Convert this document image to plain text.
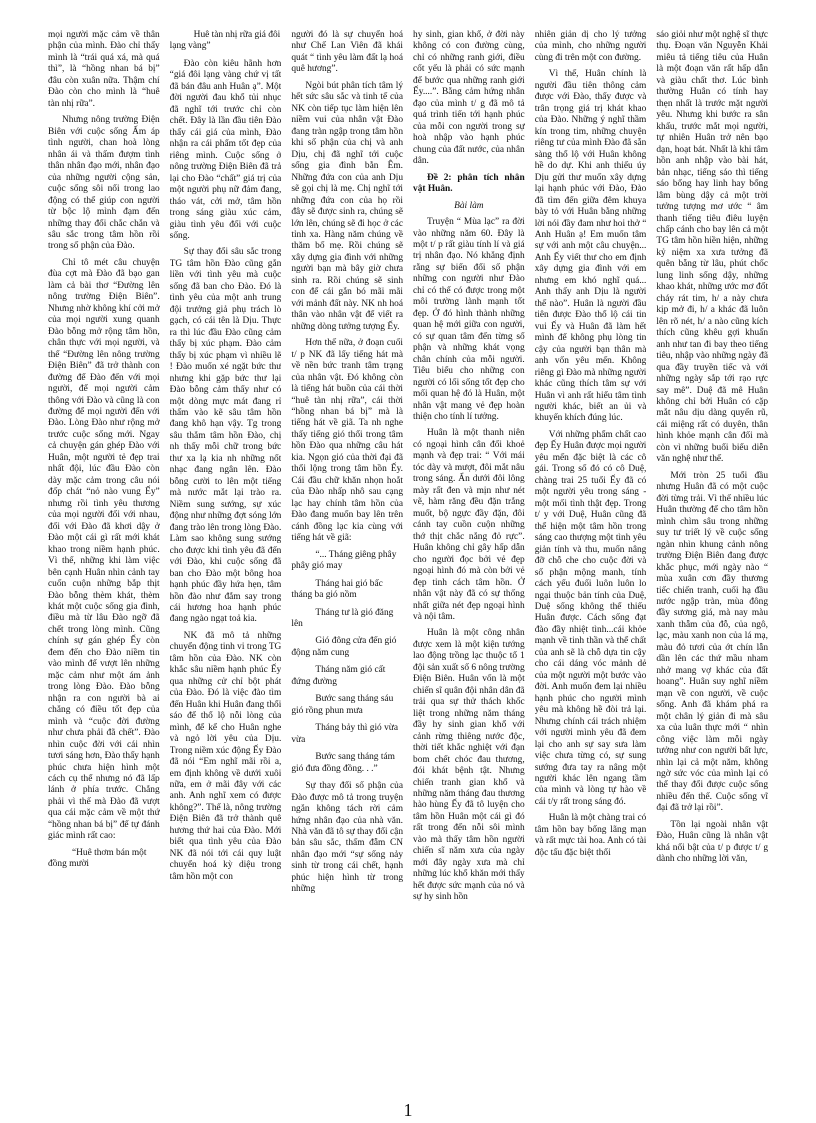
mọi người mặc cảm về thân phận của mình. Đào chỉ thấy mình là “trái quá xá, mà quá thì”, là “hồng nhan bá bị” đâu còn xuân nữa. Thậm chí Đào còn cho mình là “huê tàn nhị rữa”.

Nhưng nông trường Điện Biên với cuộc sống Ấm áp tình người, chan hoà lòng nhân ái và thấm đượm tình thân nhân đạo mới, nhân đạo của những người cộng sản, cuộc sống sôi nổi trong lao động có thể giúp con người từ bộc lộ mình đạm đến những thay đổi chắc chắn và sâu sắc trong tâm hồn rồi trong số phận của Đào.

Chỉ tô mét câu chuyện đùa cợt mà Đào đã bạo gan làm cả bài thơ “Đường lên nông trường Điện Biên”. Nhưng nhờ không khí cởi mở của mọi người xung quanh Đào bỗng mở rộng tâm hồn, chân thực với mọi người, và thế “Đường lên nông trường Điện Biên” đã trở thành con đường để Đào đến với mọi người, để mọi người cảm thông với Đào và cũng là con đường để mọi người đến với Đào. Lòng Đào như rộng mở trước cuộc sống mới. Ngay cả chuyện gán ghép Đào với Huân, một người tẻ đẹp trai nhất đội, lúc đầu Đào còn dày mặc cảm trong câu nói đốp chát “nỏ nào vung Ếy” nhưng rồi tình yêu thương của mọi người đối với nhau, đối với Đào đã khơi dậy ở Đào một cái gì rất mới khát khao trong niềm hạnh phúc. Vì thế, những khi làm việc bên cạnh Huân nhìn cảnh tay cuốn cuộn những bắp thịt Đào bỗng thèm khát, thèm khát một cuộc sống gia đình, điều mà từ lâu Đào ngỡ đã chết trong lòng mình. Cũng chính sự gán ghép Ếy còn đem đến cho Đào niềm tin vào mình để vượt lên những mặc cảm như một ám ảnh trong lòng Đào. Đào bỗng nhận ra con người bà ai chẳng có điều tốt đẹp của mình và “cuộc đời đường như chưa phải đã chết”. Đào nhìn cuộc đời với cái nhìn tươi sáng hơn, Đào thấy hạnh phúc chưa hiện hình một cách cụ thể nhưng nó đã lấp lánh ở phía trước. Chẳng phải vì thế mà Đào đã vượt qua cái mặc cảm về một thứ “hồng nhan bá bị” để tự đánh giác mình rất cao:

“Huê thơm bán một đồng mười

Huê tàn nhị rữa giá đôi lạng vàng”

Đào còn kiêu hãnh hơn “giá đôi lạng vàng chứ vị tất đã bán đâu anh Huân ạ”. Một đời người đau khổ tủi nhục đã nghĩ tới trước chỉ còn chết. Đây là lần đầu tiên Đào thấy cái giá của mình, Đào nhận ra cái phẩm tốt đẹp của riêng mình. Cuộc sống ở nông trường Điện Biên đã trả lại cho Đào “chất” giá trị của một người phụ nữ đảm đang, tháo vát, cởi mở, tâm hồn trong sáng giàu xúc cảm, giàu tình yêu đối với cuộc sống.

Sự thay đổi sâu sắc trong TG tâm hồn Đào cũng gắn liền với tình yêu mà cuộc sống đã ban cho Đào. Đó là tình yêu của một anh trung đội trưởng giả phụ trách lò gạch, có cái tên là Dịu. Thực ra thì lúc đầu Đào cũng cảm thấy bị xúc phạm. Đào cảm thấy bị xúc phạm vì nhiều lẽ ! Đào muốn xé ngặt bức thư nhưng khi gặp bức thư lại Đào bỗng cảm thấy như có một dòng mực mát đang rỉ thấm vào kẽ sâu tâm hồn đang khô hạn vậy. Tg trong sâu thẳm tâm hồn Đào, chị nh thấy mỗi chữ trong bức thư xa lạ kia nh những nốt nhạc đang ngân lên. Đào bỗng cười to lên một tiếng mà nước mắt lại trào ra. Niềm sung sướng, sự xúc động như những đợt sóng lớn đang trào lên trong lòng Đào. Làm sao không sung sướng cho được khi tình yêu đã đến với Đào, khi cuộc sống đã ban cho Đào một bông hoa hạnh phúc đầy hứa hẹn, tâm hồn đào như đắm say trong cái hương hoa hạnh phúc đang ngào ngạt toả kia.

NK đã mô tả những chuyển động tinh vi trong TG tâm hồn của Đào. NK còn khắc sâu niềm hạnh phúc Ếy qua những cử chỉ bột phát của Đào. Đó là việc đào tìm đến Huân khi Huân đang thổi sáo để thổ lộ nỗi lòng của mình, để kể cho Huân nghe và ngỏ lời yêu của Dịu. Trong niềm xúc động Ếy Đào đã nói “Em nghĩ mãi rồi a, em định không về dưới xuôi nữa, em ở mãi đây với các anh. Anh nghĩ xem có được không?”. Thế là, nông trường Điện Biên đã trở thành quê hương thứ hai của Đào. Mới biết qua tình yêu của Đào NK đã nói tới cái quy luật chuyển hoá kỳ diệu trong tâm hồn một con

người đó là sự chuyển hoá như Chế Lan Viên đã khái quát “ tình yêu làm đất lạ hoá quê hương”.

Ngòi bút phân tích tâm lý hết sức sâu sắc và tinh tế của NK còn tiếp tục làm hiện lên niềm vui của nhân vật Đào đang tràn ngập trong tâm hồn khi số phận của chị và anh Dịu, chị đã nghĩ tới cuộc sống gia đình bằn Êm. Những đứa con của anh Dịu sẽ gọi chị là mẹ. Chị nghĩ tới những đứa con của họ rồi đây sẽ được sinh ra, chúng sẽ lớn lên, chúng sẽ đi học ở các tỉnh xa. Hàng năm chúng về thăm bố mẹ. Rồi chúng sẽ xây dựng gia đình với những người bạn mà bây giờ chưa sinh ra. Rồi chúng sẽ sinh con để cái gắn bó mãi mãi với mảnh đất này. NK nh hoá thân vào nhân vật để viết ra những dòng tưởng tượng Ếy.

Hơn thế nữa, ở đoạn cuối t/ p NK đã lấy tiếng hát mà về nền bức tranh tâm trạng của nhân vật. Đó không còn là tiếng hát buồn của cái thời “huê tàn nhị rữa”, cái thời “hồng nhan bá bị” mà là tiếng hát về giã. Ta nh nghe thấy tiếng gió thổi trong tâm hồn Đào qua những câu hát kia. Ngọn gió của thời đại đã thổi lộng trong tâm hồn Ếy. Cái đầu chữ khăn nhọn hoắt của Đào nhấp nhô sau cạng lạc hay chính tâm hồn của Đào đang muốn bay lên trên cánh đồng lạc kia cùng với tiếng hát về giã:

“... Tháng giêng phây phây gió may

Tháng hai gió bấc tháng ba gió nồm

Tháng tư là gió đăng lên

Gió đông cửa đến gió động năm cung

Tháng năm gió cất đứng đường

Bước sang tháng sáu gió rồng phun mưa

Tháng bảy thì gió vừa vừa

Bước sang tháng tám gió đưa đồng đồng. . .”

Sự thay đổi số phận của Đào được mô tả trong truyện ngắn không tách rời cảm hứng nhân đạo của nhà văn. Nhà văn đã tô sự thay đổi cận bản sâu sắc, thấm đẫm CN nhân đạo mới “sự sống nảy sinh từ trong cái chết, hạnh phúc hiện hình từ trong những

hy sinh, gian khổ, ở đời này không có con đường cùng, chỉ có những ranh giới, điều cốt yếu là phải có sức mạnh để bước qua những ranh giới Ếy....”. Bằng cảm hứng nhân đạo của mình t/ g đã mô tả quá trình tiến tới hạnh phúc của mỗi con người trong sự hoà nhập vào hạnh phúc chung của đất nước, của nhân dân.

Đề 2: phân tích nhân vật Huân.

Bài làm

Truyện “ Mùa lạc” ra đời vào những năm 60. Đây là một t/ p rất giàu tính lí và giá trị nhân đạo. Nó khẳng định rằng sự biến đổi số phận những con người như Đào chỉ có thể có được trong một môi trường lành mạnh tốt đẹp. Ở đó hình thành những quan hệ mới giữa con người, có sự quan tâm đến từng số phận và những khát vọng chân chính của mỗi người. Tiêu biểu cho những con người có lối sống tốt đẹp cho mối quan hệ đó là Huân, một nhân vật mang vẻ đẹp hoàn thiện cho tính lí tưởng.

Huân là một thanh niên có ngoại hình cân đối khoẻ mạnh và đẹp trai: “ Với mái tóc dày và mượt, đôi mắt nâu trong sáng. Ẩn dưới đôi lông mày rất đen và mịn như nét vẽ, hàm răng đều đặn trắng muốt, bộ ngực đầy đặn, đôi cánh tay cuồn cuộn những thớ thịt chắc nắng đỏ rực”. Huân không chỉ gây hấp dẫn cho người đọc bởi vẻ đẹp ngoại hình đó mà còn bởi vẻ đẹp tinh cách tâm hồn. Ở nhân vật này đã có sự thống nhất giữa nét đẹp ngoại hình và nội tâm.

Huân là một công nhân được xem là một kiện tướng lao động trồng lạc thuộc tổ 1 đội sản xuất số 6 nông trường Điện Biên. Huân vốn là một chiến sĩ quân đội nhân dân đã trải qua sự thử thách khốc liệt trong những năm tháng đầy hy sinh gian khổ với cảnh rừng thiêng nước độc, thời tiết khắc nghiệt với đạn bom chết chóc đau thương, đói khát bệnh tật. Nhưng chiến tranh gian khổ và những năm tháng đau thương hào hùng Ếy đã tô luyện cho tâm hồn Huân một cái gì đó rất trong đến nỗi sôi mình vào mà thấy tâm hồn người chiến sĩ năm xưa của ngày mới đây ngày xưa mà chỉ những lúc khổ khăn mới thấy hết được sức mạnh của nó và sự hy sinh hồn

nhiên giản dị cho lý tưởng của mình, cho những người cùng đi trên một con đường.

Vì thế, Huân chính là người đầu tiên thông cảm được với Đào, thấy được và trân trọng giá trị khát khao của Đào. Những ý nghĩ thầm kín trong tim, những chuyện riêng tư của mình Đào đã sẵn sàng thổ lộ với Huân không hề do dự. Khi anh thiếu úy Dịu gửi thư muốn xây dựng lại hạnh phúc với Đào, Đào đã tìm đến giữa đêm khuya bày tỏ với Huân bằng những lời nói đầy đam như hoi thở “ Anh Huân ạ! Em muốn tâm sự với anh một câu chuyện... Anh Ếy viết thư cho em định xây dựng gia đình với em nhưng em khó nghĩ quá... Anh thấy anh Dịu là người thế nào”. Huân là người đầu tiên được Đào thổ lộ cái tin vui Ếy và Huân đã làm hết mình để không phụ lòng tin cậy của người bạn thân mà anh vốn yêu mến. Không riêng gì Đào mà những người khác cũng thích tâm sự với Huân vì anh rất hiểu tâm tình người khác, biết an ủi và khuyến khích đúng lúc.

Với những phẩm chất cao đẹp Ếy Huân được mọi người yêu mến đặc biệt là các cô gái. Trong số đó có cô Duệ, chàng trai 25 tuổi Ếy đã có một người yêu trong sáng - một mối tình thật đẹp. Trong t/ y với Duệ, Huân cũng đã thể hiện một tâm hồn trong sáng cao thượng một tình yêu giản tính và thu, muốn nâng đỡ chỗ che cho cuộc đời và số phận mộng manh, tính cách yếu đuối luôn luôn lo ngại thuộc bản tính của Duệ, Duệ sống không thể thiếu Huân được. Cách sống đạt đào đầy nhiệt tình...cái khỏe mạnh về tinh thần và thể chất của anh sẽ là chỗ dựa tin cậy cho cái dáng vóc mảnh dẻ của một người một bước vào đời. Anh muốn đem lại nhiều hạnh phúc cho người mình yêu mà không hề đòi trả lại. Nhưng chính cái trách nhiệm với người mình yêu đã đem lại cho anh sự say sưa làm việc chưa từng có, sự sung sướng đưa tay ra nâng một người khác lên ngang tầm của mình và lòng tự hào về cái t/y rất trong sáng đó.

Huân là một chàng trai có tâm hồn bay bổng lãng mạn và rất mực tài hoa. Anh có tài độc tấu đặc biệt thổi

sáo giỏi như một nghệ sĩ thực thụ. Đoạn văn Nguyễn Khải miêu tả tiếng tiêu của Huân là một đoạn văn rất hấp dẫn và giàu chất thơ. Lúc bình thường Huân có tính hay thẹn nhất là trước mặt người yêu. Nhưng khi bước ra sân khấu, trước mắt mọi người, tự nhiên Huân trở nên bạo dạn, hoạt bát. Nhất là khi tâm hồn anh nhập vào bài hát, bản nhạc, tiếng sáo thì tiếng sáo bổng hay linh hay bổng lâm bùng dậy cả một trời tưởng tượng mơ ước “ âm thanh tiếng tiêu điêu luyện chấp cánh cho bay lên cả một TG tâm hồn hiền hiện, những kỷ niệm xa xưa tưởng đã quên bẵng từ lâu, phút chốc lung linh sống dậy, những khao khát, những ước mơ đốt cháy rát tim, h/ a này chưa kịp mở đi, h/ a khác đã luôn lên rõ nét, h/ a nào cũng kích thích cũng khêu gợi khuấn anh như tan đi bay theo tiếng tiêu, nhập vào những ngày đã qua đầy truyền tiếc và với những ngày sắp tới rạo rực say mê”. Duệ đã mê Huân không chỉ bởi Huân có cặp mắt nâu dịu dàng quyến rũ, cái miệng rất có duyên, thân hình khỏe mạnh cân đối mà còn vì những buổi biểu diễn văn nghệ như thế.

Mới tròn 25 tuổi đầu nhưng Huân đã có một cuộc đời từng trải. Vì thế nhiều lúc Huân thường để cho tâm hồn mình chìm sâu trong những suy tư triết lý về cuộc sống ngàn nhìn khung cảnh nông trường Điện Biên đang được khắc phục, mới ngày nào “ mùa xuân cơn đầy thương tiếc chiến tranh, cuối hạ đầu nước ngập tràn, mùa đông đầy sương giá, mà nay màu xanh thẫm của đỗ, của ngô, lạc, màu xanh non của lá mạ, màu đỏ tươi của ớt chín lẫn dần lên các thứ mầu nham nhở mang vợ khác của đất hoang”. Huân suy nghĩ niềm mạn về con người, về cuộc sống. Anh đã khám phá ra một chân lý giản đi mà sâu xa của luân thực mới “ nhìn công việc làm mỗi ngày tưởng như con người bất lực, nhìn lại cả một năm, không ngờ sức vóc của mình lại có thể thay đổi được cuộc sống nhiều đến thế. Cuộc sống vĩ đại đã trở lại rồi”.

Tồn lại ngoài nhân vật Đào, Huân cũng là nhân vật khá nổi bật của t/ p được t/ g dành cho những lời văn,

1
